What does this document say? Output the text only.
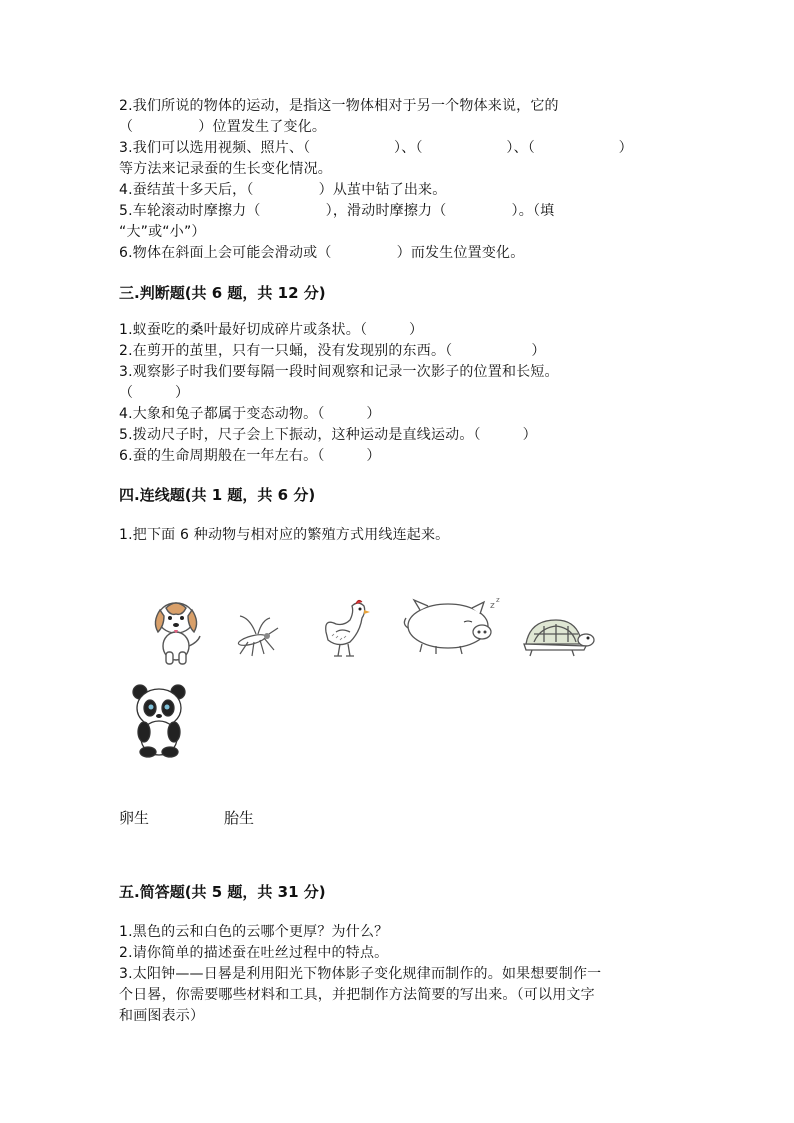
2.我们所说的物体的运动，是指这一物体相对于另一个物体来说，它的
（              ）位置发生了变化。
3.我们可以选用视频、照片、（                  ）、（                  ）、（                  ）
等方法来记录蚕的生长变化情况。
4.蚕结茧十多天后，（              ）从茧中钻了出来。
5.车轮滚动时摩擦力（              ），滑动时摩擦力（              ）。（填
“大”或“小”）
6.物体在斜面上会可能会滑动或（              ）而发生位置变化。
三.判断题(共 6 题，共 12 分)
1.蚁蚕吃的桑叶最好切成碎片或条状。（         ）
2.在剪开的茧里，只有一只蛹，没有发现别的东西。（                 ）
3.观察影子时我们要每隔一段时间观察和记录一次影子的位置和长短。
（         ）
4.大象和兔子都属于变态动物。（         ）
5.拨动尺子时，尺子会上下振动，这种运动是直线运动。（         ）
6.蚕的生命周期般在一年左右。（         ）
四.连线题(共 1 题，共 6 分)
1.把下面 6 种动物与相对应的繁殖方式用线连起来。
z
z
卵生	胎生
五.简答题(共 5 题，共 31 分)
1.黑色的云和白色的云哪个更厚？为什么？
2.请你简单的描述蚕在吐丝过程中的特点。
3.太阳钟——日晷是利用阳光下物体影子变化规律而制作的。如果想要制作一
个日晷，你需要哪些材料和工具，并把制作方法简要的写出来。（可以用文字
和画图表示）
